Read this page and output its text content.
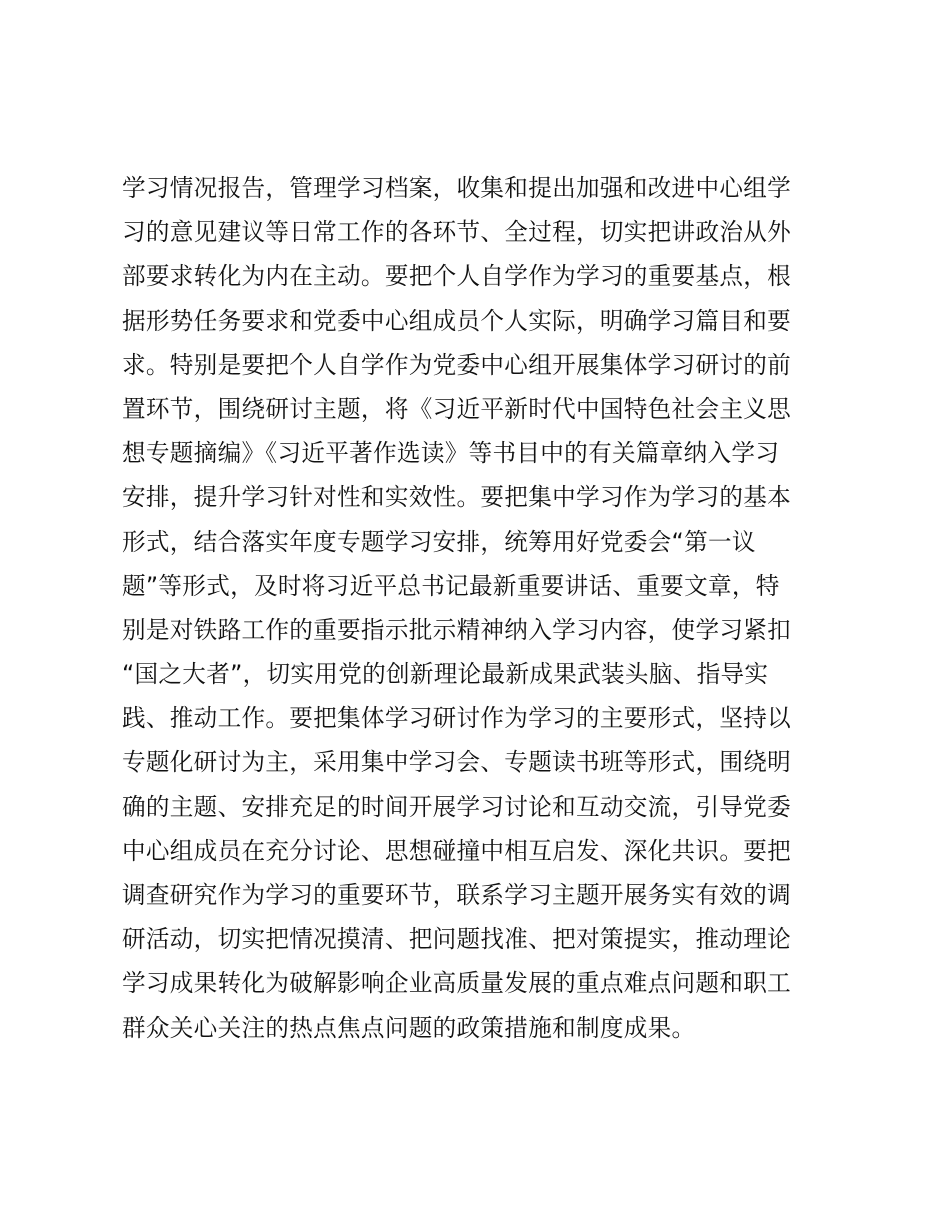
学习情况报告，管理学习档案，收集和提出加强和改进中心组学
习的意见建议等日常工作的各环节、全过程，切实把讲政治从外
部要求转化为内在主动。要把个人自学作为学习的重要基点，根
据形势任务要求和党委中心组成员个人实际，明确学习篇目和要
求。特别是要把个人自学作为党委中心组开展集体学习研讨的前
置环节，围绕研讨主题，将《习近平新时代中国特色社会主义思
想专题摘编》《习近平著作选读》等书目中的有关篇章纳入学习
安排，提升学习针对性和实效性。要把集中学习作为学习的基本
形式，结合落实年度专题学习安排，统筹用好党委会“第一议
题”等形式，及时将习近平总书记最新重要讲话、重要文章，特
别是对铁路工作的重要指示批示精神纳入学习内容，使学习紧扣
“国之大者”，切实用党的创新理论最新成果武装头脑、指导实
践、推动工作。要把集体学习研讨作为学习的主要形式，坚持以
专题化研讨为主，采用集中学习会、专题读书班等形式，围绕明
确的主题、安排充足的时间开展学习讨论和互动交流，引导党委
中心组成员在充分讨论、思想碰撞中相互启发、深化共识。要把
调查研究作为学习的重要环节，联系学习主题开展务实有效的调
研活动，切实把情况摸清、把问题找准、把对策提实，推动理论
学习成果转化为破解影响企业高质量发展的重点难点问题和职工
群众关心关注的热点焦点问题的政策措施和制度成果。
